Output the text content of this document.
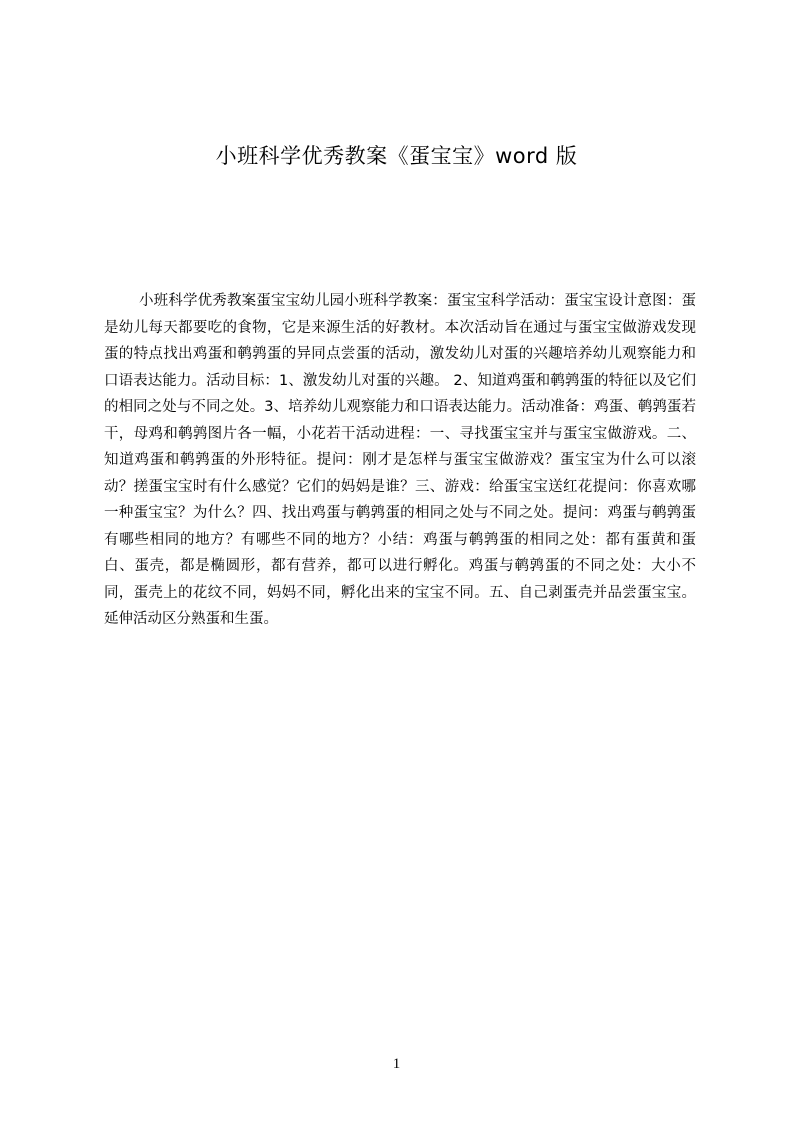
小班科学优秀教案《蛋宝宝》word 版

小班科学优秀教案蛋宝宝幼儿园小班科学教案：蛋宝宝科学活动：蛋宝宝设计意图：蛋是幼儿每天都要吃的食物，它是来源生活的好教材。本次活动旨在通过与蛋宝宝做游戏发现蛋的特点找出鸡蛋和鹌鹑蛋的异同点尝蛋的活动，激发幼儿对蛋的兴趣培养幼儿观察能力和口语表达能力。活动目标：1、激发幼儿对蛋的兴趣。 2、知道鸡蛋和鹌鹑蛋的特征以及它们的相同之处与不同之处。3、培养幼儿观察能力和口语表达能力。活动准备：鸡蛋、鹌鹑蛋若干，母鸡和鹌鹑图片各一幅，小花若干活动进程：一、寻找蛋宝宝并与蛋宝宝做游戏。二、知道鸡蛋和鹌鹑蛋的外形特征。提问：刚才是怎样与蛋宝宝做游戏？蛋宝宝为什么可以滚动？搓蛋宝宝时有什么感觉？它们的妈妈是谁？三、游戏：给蛋宝宝送红花提问：你喜欢哪一种蛋宝宝？为什么？四、找出鸡蛋与鹌鹑蛋的相同之处与不同之处。提问：鸡蛋与鹌鹑蛋有哪些相同的地方？有哪些不同的地方？小结：鸡蛋与鹌鹑蛋的相同之处：都有蛋黄和蛋白、蛋壳，都是椭圆形，都有营养，都可以进行孵化。鸡蛋与鹌鹑蛋的不同之处：大小不同，蛋壳上的花纹不同，妈妈不同，孵化出来的宝宝不同。五、自己剥蛋壳并品尝蛋宝宝。延伸活动区分熟蛋和生蛋。

1
